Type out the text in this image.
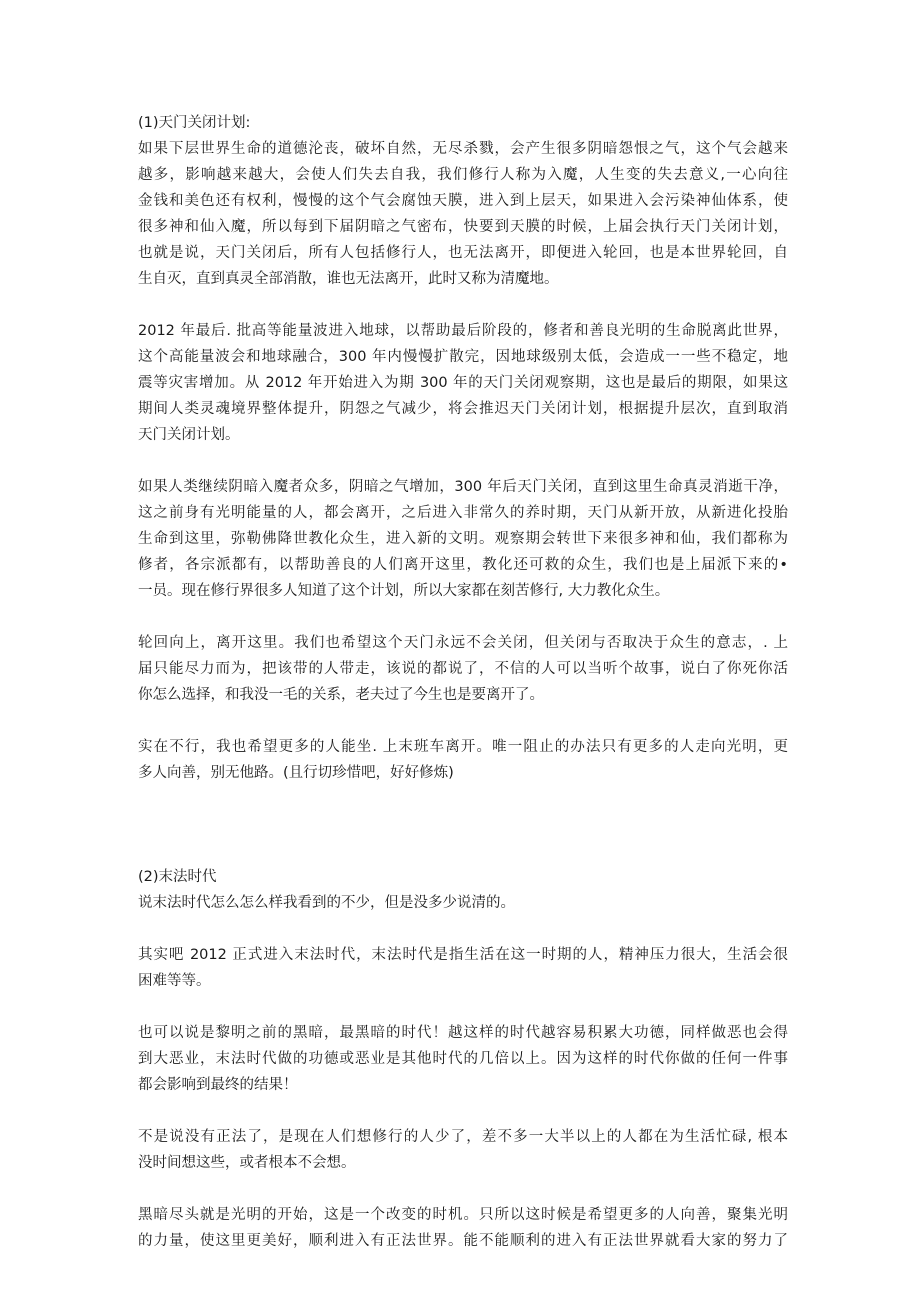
(1)天门关闭计划:
如果下层世界生命的道德沦丧，破坏自然，无尽杀戮，会产生很多阴暗怨恨之气，这个气会越来
越多，影响越来越大，会使人们失去自我，我们修行人称为入魔，人生变的失去意义,一心向往
金钱和美色还有权利，慢慢的这个气会腐蚀天膜，进入到上层天，如果进入会污染神仙体系，使
很多神和仙入魔，所以每到下届阴暗之气密布，快要到天膜的时候，上届会执行天门关闭计划，
也就是说，天门关闭后，所有人包括修行人，也无法离开，即便进入轮回，也是本世界轮回，自
生自灭，直到真灵全部消散，谁也无法离开，此时又称为清魔地。
2012 年最后. 批高等能量波进入地球，以帮助最后阶段的，修者和善良光明的生命脱离此世界，
这个高能量波会和地球融合，300 年内慢慢扩散完，因地球级别太低，会造成一一些不稳定，地
震等灾害增加。从 2012 年开始进入为期 300 年的天门关闭观察期，这也是最后的期限，如果这
期间人类灵魂境界整体提升，阴怨之气减少，将会推迟天门关闭计划，根据提升层次，直到取消
天门关闭计划。
如果人类继续阴暗入魔者众多，阴暗之气增加，300 年后天门关闭，直到这里生命真灵消逝干净，
这之前身有光明能量的人，都会离开，之后进入非常久的养时期，天门从新开放，从新进化投胎
生命到这里，弥勒佛降世教化众生，进入新的文明。观察期会转世下来很多神和仙，我们都称为
修者，各宗派都有，以帮助善良的人们离开这里，教化还可救的众生，我们也是上届派下来的•
一员。现在修行界很多人知道了这个计划，所以大家都在刻苦修行, 大力教化众生。
轮回向上，离开这里。我们也希望这个天门永远不会关闭，但关闭与否取决于众生的意志，. 上
届只能尽力而为，把该带的人带走，该说的都说了，不信的人可以当听个故事，说白了你死你活
你怎么选择，和我没一毛的关系，老夫过了今生也是要离开了。
实在不行，我也希望更多的人能坐. 上末班车离开。唯一阻止的办法只有更多的人走向光明，更
多人向善，别无他路。(且行切珍惜吧，好好修炼)
(2)末法时代
说末法时代怎么怎么样我看到的不少，但是没多少说清的。
其实吧 2012 正式进入末法时代，末法时代是指生活在这一时期的人，精神压力很大，生活会很
困难等等。
也可以说是黎明之前的黑暗，最黑暗的时代！越这样的时代越容易积累大功德，同样做恶也会得
到大恶业，末法时代做的功德或恶业是其他时代的几倍以上。因为这样的时代你做的任何一件事
都会影响到最终的结果！
不是说没有正法了，是现在人们想修行的人少了，差不多一大半以上的人都在为生活忙碌, 根本
没时间想这些，或者根本不会想。
黑暗尽头就是光明的开始，这是一个改变的时机。只所以这时候是希望更多的人向善，聚集光明
的力量，使这里更美好，顺利进入有正法世界。能不能顺利的进入有正法世界就看大家的努力了
